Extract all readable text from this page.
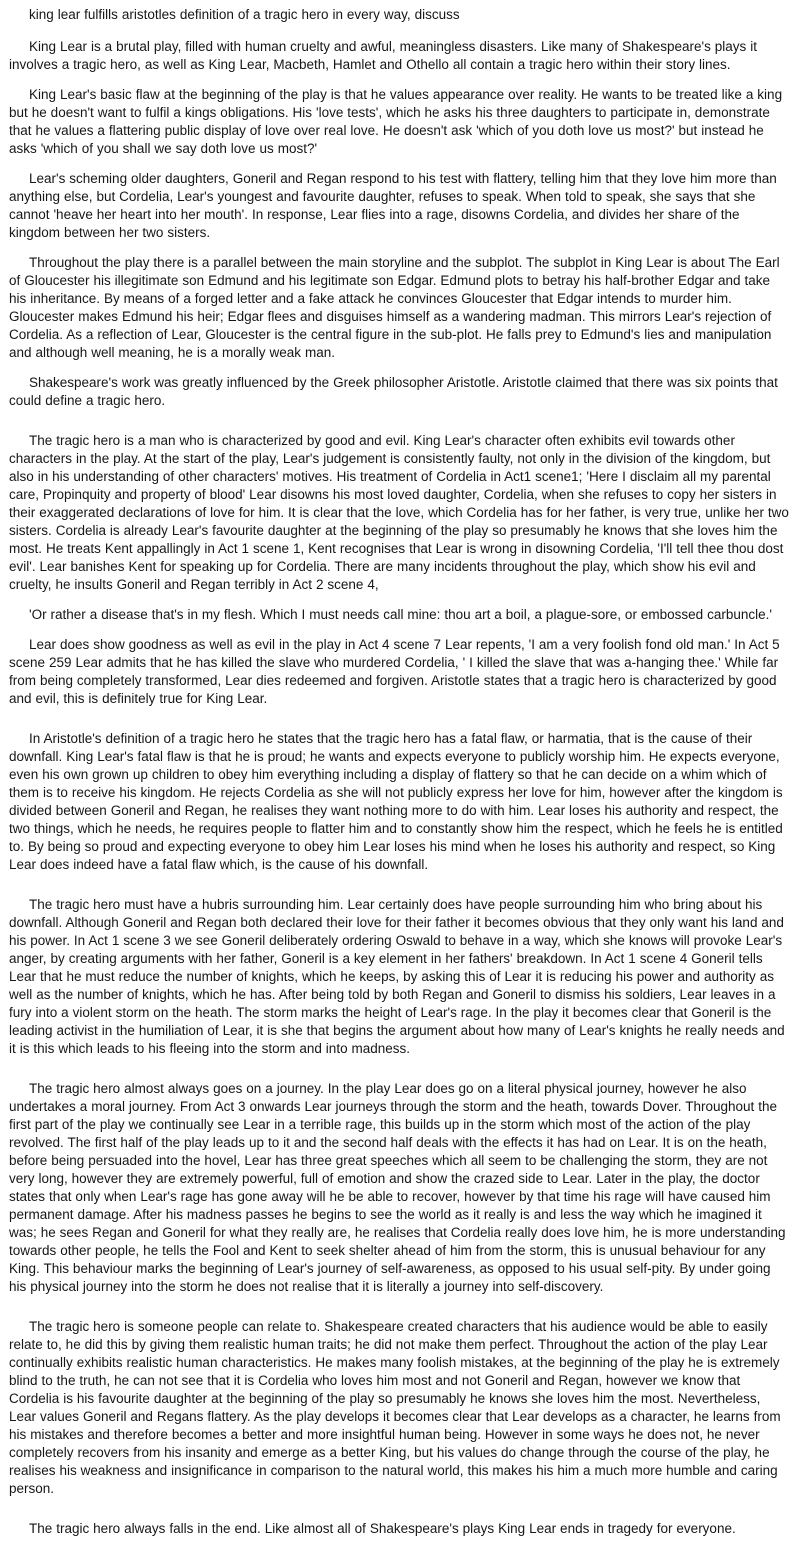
king lear fulfills aristotles definition of a tragic hero in every way, discuss

King Lear is a brutal play, filled with human cruelty and awful, meaningless disasters. Like many of Shakespeare's plays it involves a tragic hero, as well as King Lear, Macbeth, Hamlet and Othello all contain a tragic hero within their story lines.

King Lear's basic flaw at the beginning of the play is that he values appearance over reality. He wants to be treated like a king but he doesn't want to fulfil a kings obligations. His 'love tests', which he asks his three daughters to participate in, demonstrate that he values a flattering public display of love over real love. He doesn't ask 'which of you doth love us most?' but instead he asks 'which of you shall we say doth love us most?'

Lear's scheming older daughters, Goneril and Regan respond to his test with flattery, telling him that they love him more than anything else, but Cordelia, Lear's youngest and favourite daughter, refuses to speak. When told to speak, she says that she cannot 'heave her heart into her mouth'. In response, Lear flies into a rage, disowns Cordelia, and divides her share of the kingdom between her two sisters.

Throughout the play there is a parallel between the main storyline and the subplot. The subplot in King Lear is about The Earl of Gloucester his illegitimate son Edmund and his legitimate son Edgar. Edmund plots to betray his half-brother Edgar and take his inheritance. By means of a forged letter and a fake attack he convinces Gloucester that Edgar intends to murder him. Gloucester makes Edmund his heir; Edgar flees and disguises himself as a wandering madman. This mirrors Lear's rejection of Cordelia. As a reflection of Lear, Gloucester is the central figure in the sub-plot. He falls prey to Edmund's lies and manipulation and although well meaning, he is a morally weak man.

Shakespeare's work was greatly influenced by the Greek philosopher Aristotle. Aristotle claimed that there was six points that could define a tragic hero.

The tragic hero is a man who is characterized by good and evil. King Lear's character often exhibits evil towards other characters in the play. At the start of the play, Lear's judgement is consistently faulty, not only in the division of the kingdom, but also in his understanding of other characters' motives. His treatment of Cordelia in Act1 scene1; 'Here I disclaim all my parental care, Propinquity and property of blood' Lear disowns his most loved daughter, Cordelia, when she refuses to copy her sisters in their exaggerated declarations of love for him. It is clear that the love, which Cordelia has for her father, is very true, unlike her two sisters. Cordelia is already Lear's favourite daughter at the beginning of the play so presumably he knows that she loves him the most. He treats Kent appallingly in Act 1 scene 1, Kent recognises that Lear is wrong in disowning Cordelia, 'I'll tell thee thou dost evil'. Lear banishes Kent for speaking up for Cordelia. There are many incidents throughout the play, which show his evil and cruelty, he insults Goneril and Regan terribly in Act 2 scene 4,

'Or rather a disease that's in my flesh. Which I must needs call mine: thou art a boil, a plague-sore, or embossed carbuncle.'

Lear does show goodness as well as evil in the play in Act 4 scene 7 Lear repents, 'I am a very foolish fond old man.' In Act 5 scene 259 Lear admits that he has killed the slave who murdered Cordelia, ' I killed the slave that was a-hanging thee.' While far from being completely transformed, Lear dies redeemed and forgiven. Aristotle states that a tragic hero is characterized by good and evil, this is definitely true for King Lear.

In Aristotle's definition of a tragic hero he states that the tragic hero has a fatal flaw, or harmatia, that is the cause of their downfall. King Lear's fatal flaw is that he is proud; he wants and expects everyone to publicly worship him. He expects everyone, even his own grown up children to obey him everything including a display of flattery so that he can decide on a whim which of them is to receive his kingdom. He rejects Cordelia as she will not publicly express her love for him, however after the kingdom is divided between Goneril and Regan, he realises they want nothing more to do with him. Lear loses his authority and respect, the two things, which he needs, he requires people to flatter him and to constantly show him the respect, which he feels he is entitled to. By being so proud and expecting everyone to obey him Lear loses his mind when he loses his authority and respect, so King Lear does indeed have a fatal flaw which, is the cause of his downfall.

The tragic hero must have a hubris surrounding him. Lear certainly does have people surrounding him who bring about his downfall. Although Goneril and Regan both declared their love for their father it becomes obvious that they only want his land and his power. In Act 1 scene 3 we see Goneril deliberately ordering Oswald to behave in a way, which she knows will provoke Lear's anger, by creating arguments with her father, Goneril is a key element in her fathers' breakdown. In Act 1 scene 4 Goneril tells Lear that he must reduce the number of knights, which he keeps, by asking this of Lear it is reducing his power and authority as well as the number of knights, which he has. After being told by both Regan and Goneril to dismiss his soldiers, Lear leaves in a fury into a violent storm on the heath. The storm marks the height of Lear's rage. In the play it becomes clear that Goneril is the leading activist in the humiliation of Lear, it is she that begins the argument about how many of Lear's knights he really needs and it is this which leads to his fleeing into the storm and into madness.

The tragic hero almost always goes on a journey. In the play Lear does go on a literal physical journey, however he also undertakes a moral journey. From Act 3 onwards Lear journeys through the storm and the heath, towards Dover. Throughout the first part of the play we continually see Lear in a terrible rage, this builds up in the storm which most of the action of the play revolved. The first half of the play leads up to it and the second half deals with the effects it has had on Lear. It is on the heath, before being persuaded into the hovel, Lear has three great speeches which all seem to be challenging the storm, they are not very long, however they are extremely powerful, full of emotion and show the crazed side to Lear. Later in the play, the doctor states that only when Lear's rage has gone away will he be able to recover, however by that time his rage will have caused him permanent damage. After his madness passes he begins to see the world as it really is and less the way which he imagined it was; he sees Regan and Goneril for what they really are, he realises that Cordelia really does love him, he is more understanding towards other people, he tells the Fool and Kent to seek shelter ahead of him from the storm, this is unusual behaviour for any King. This behaviour marks the beginning of Lear's journey of self-awareness, as opposed to his usual self-pity. By under going his physical journey into the storm he does not realise that it is literally a journey into self-discovery.

The tragic hero is someone people can relate to. Shakespeare created characters that his audience would be able to easily relate to, he did this by giving them realistic human traits; he did not make them perfect. Throughout the action of the play Lear continually exhibits realistic human characteristics. He makes many foolish mistakes, at the beginning of the play he is extremely blind to the truth, he can not see that it is Cordelia who loves him most and not Goneril and Regan, however we know that Cordelia is his favourite daughter at the beginning of the play so presumably he knows she loves him the most. Nevertheless, Lear values Goneril and Regans flattery. As the play develops it becomes clear that Lear develops as a character, he learns from his mistakes and therefore becomes a better and more insightful human being. However in some ways he does not, he never completely recovers from his insanity and emerge as a better King, but his values do change through the course of the play, he realises his weakness and insignificance in comparison to the natural world, this makes his him a much more humble and caring person.

The tragic hero always falls in the end. Like almost all of Shakespeare's plays King Lear ends in tragedy for everyone.
